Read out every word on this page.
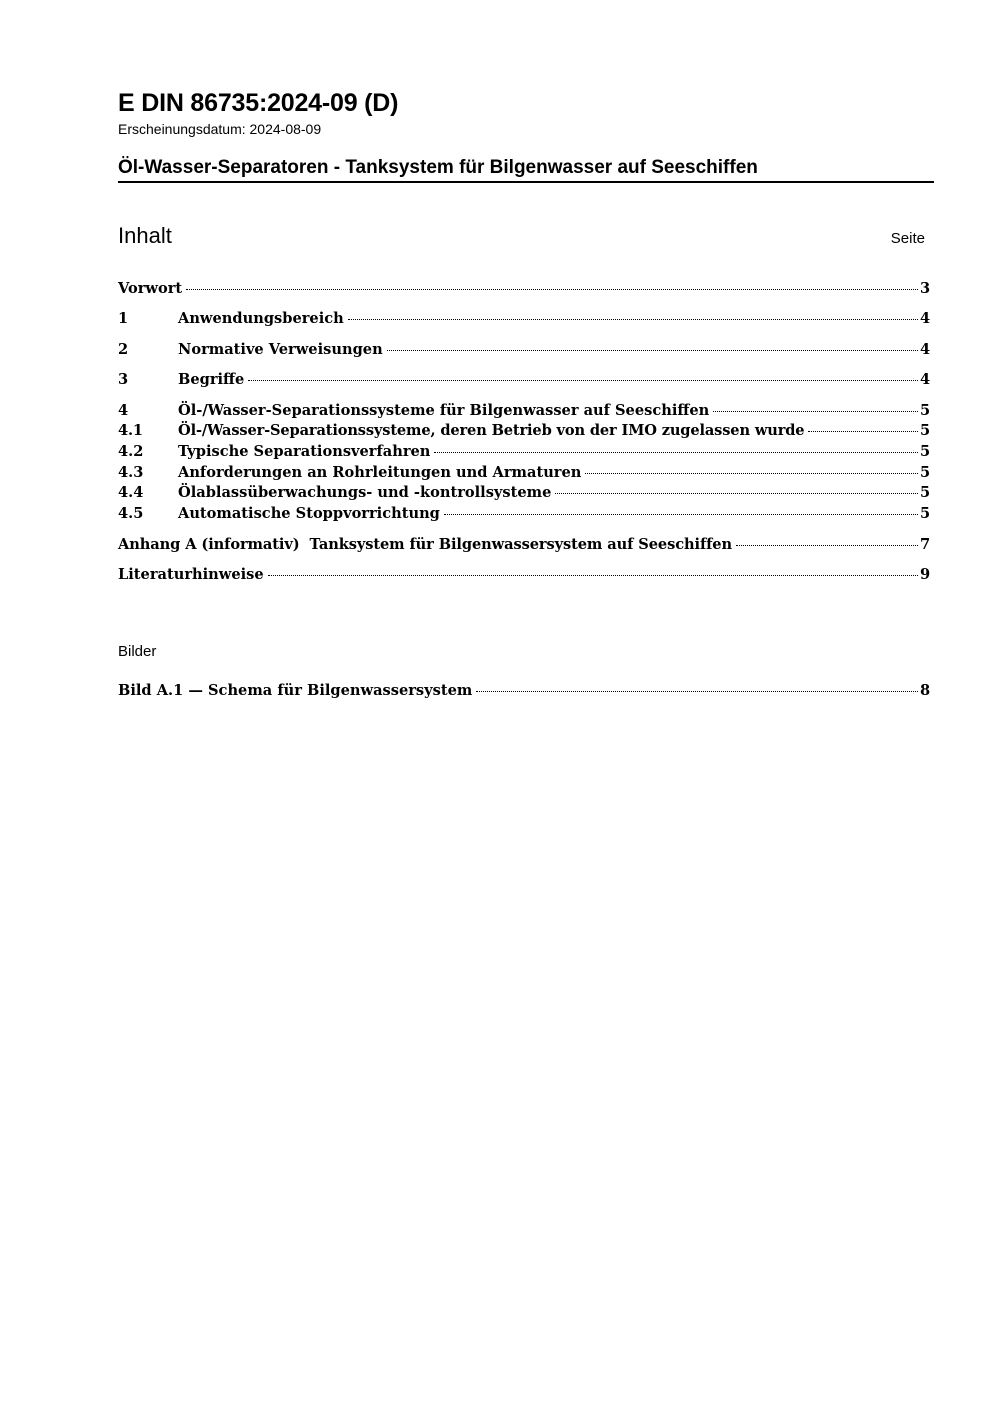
E DIN 86735:2024-09 (D)
Erscheinungsdatum: 2024-08-09
Öl-Wasser-Separatoren - Tanksystem für Bilgenwasser auf Seeschiffen
Inhalt	Seite
Vorwort	3
1	Anwendungsbereich	4
2	Normative Verweisungen	4
3	Begriffe	4
4	Öl-/Wasser-Separationssysteme für Bilgenwasser auf Seeschiffen	5
4.1	Öl-/Wasser-Separationssysteme, deren Betrieb von der IMO zugelassen wurde	5
4.2	Typische Separationsverfahren	5
4.3	Anforderungen an Rohrleitungen und Armaturen	5
4.4	Ölablassüberwachungs- und -kontrollsysteme	5
4.5	Automatische Stoppvorrichtung	5
Anhang A (informativ)  Tanksystem für Bilgenwassersystem auf Seeschiffen	7
Literaturhinweise	9
Bilder
Bild A.1 — Schema für Bilgenwassersystem	8
